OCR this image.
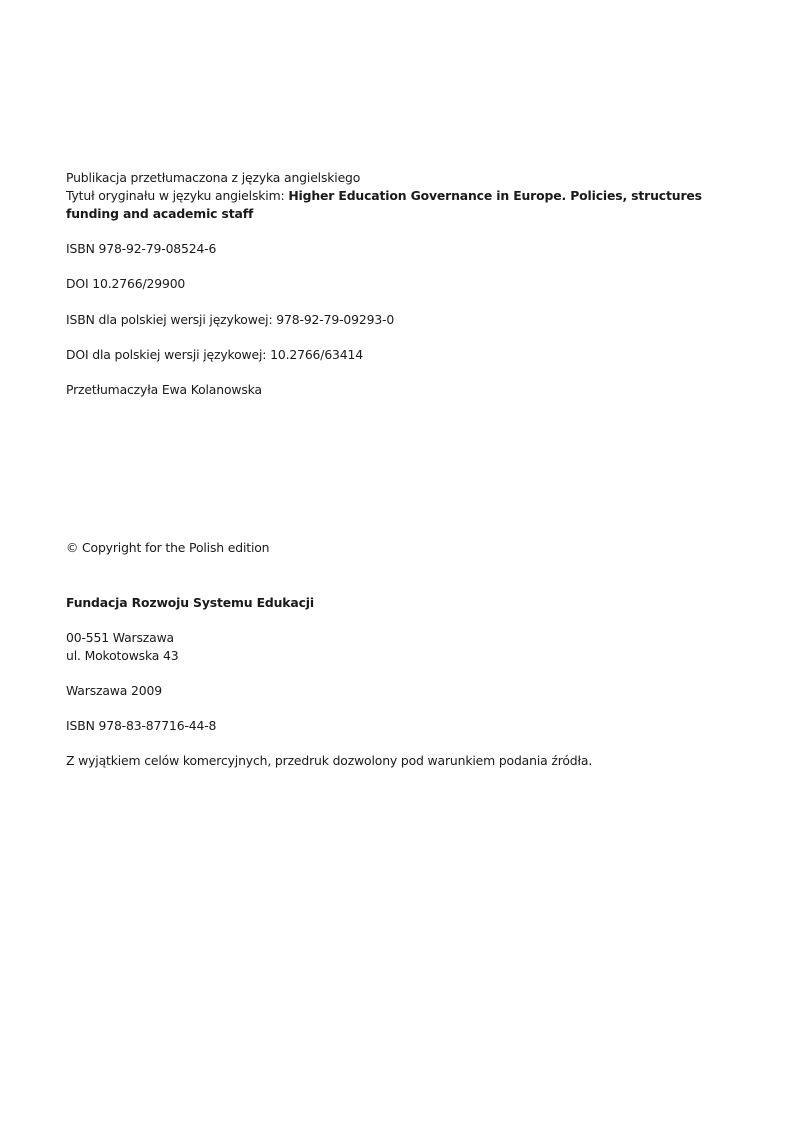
Publikacja przetłumaczona z języka angielskiego
Tytuł oryginału w języku angielskim: Higher Education Governance in Europe. Policies, structures funding and academic staff
ISBN 978-92-79-08524-6
DOI 10.2766/29900
ISBN dla polskiej wersji językowej: 978-92-79-09293-0
DOI dla polskiej wersji językowej: 10.2766/63414
Przetłumaczyła Ewa Kolanowska
© Copyright for the Polish edition
Fundacja Rozwoju Systemu Edukacji
00-551 Warszawa
ul. Mokotowska 43
Warszawa 2009
ISBN 978-83-87716-44-8
Z wyjątkiem celów komercyjnych, przedruk dozwolony pod warunkiem podania źródła.
